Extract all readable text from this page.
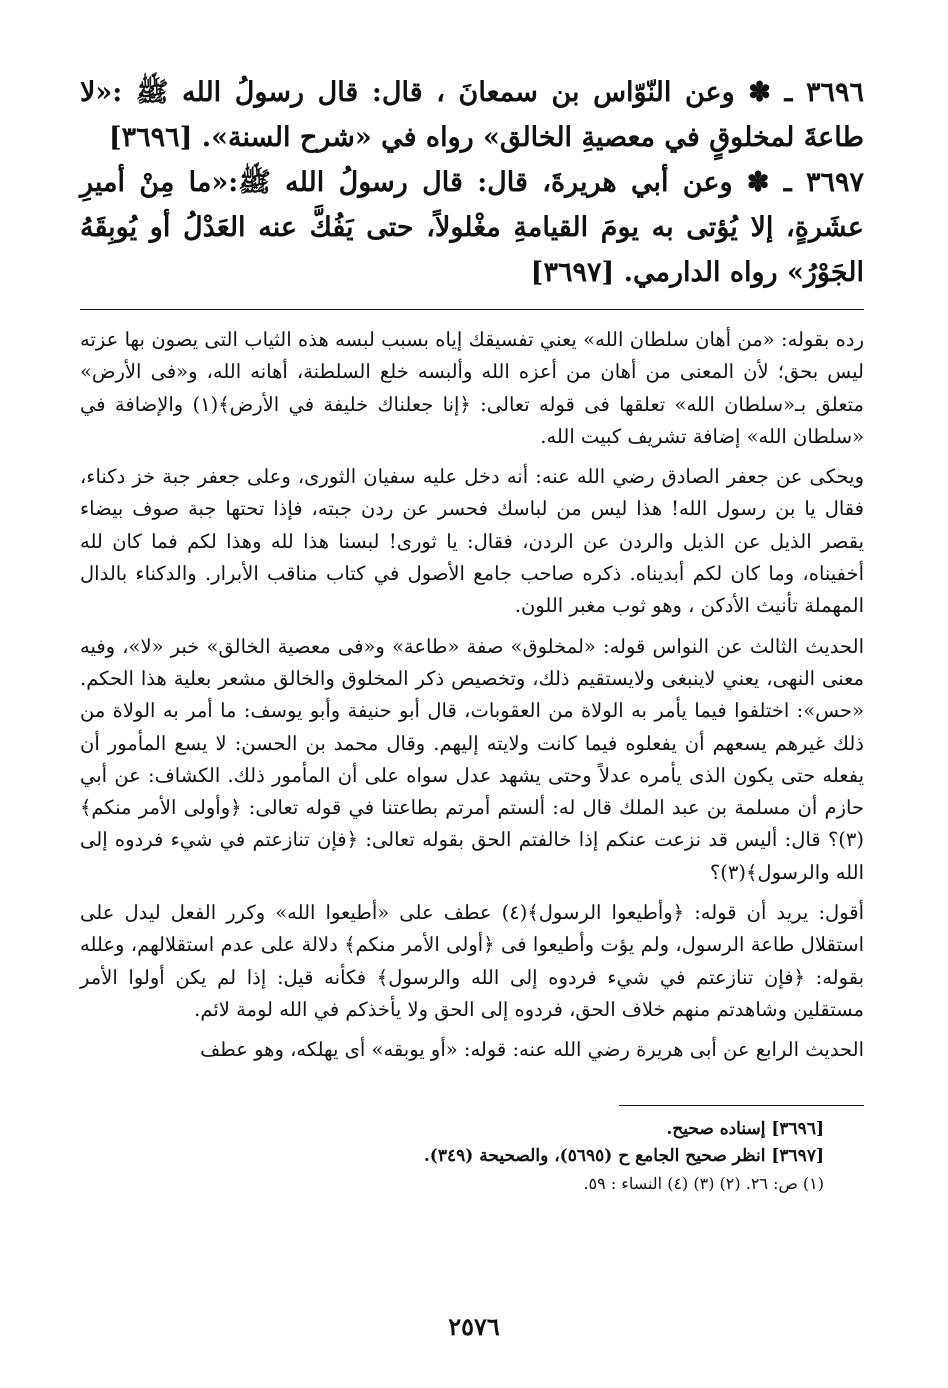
٣٦٩٦ ـ ✽ وعن النّوّاس بن سمعانَ ، قال: قال رسولُ الله ﷺ :«لا طاعةَ لمخلوقٍ في معصيةِ الخالق» رواه في «شرح السنة». [٣٦٩٦]

٣٦٩٧ ـ ✽ وعن أبي هريرةَ، قال: قال رسولُ الله ﷺ:«ما مِنْ أميرِ عشَرةٍ، إلا يُؤتى به يومَ القيامةِ مغْلولاً، حتى يَفُكَّ عنه العَدْلُ أو يُوبِقَهُ الجَوْرُ» رواه الدارمي. [٣٦٩٧]

رده بقوله: «من أهان سلطان الله» يعني تفسيقك إياه بسبب لبسه هذه الثياب التى يصون بها عزته ليس بحق؛ لأن المعنى من أهان من أعزه الله وألبسه خلع السلطنة، أهانه الله، و«فى الأرض» متعلق بـ«سلطان الله» تعلقها فى قوله تعالى: ﴿إنا جعلناك خليفة في الأرض﴾(١) والإضافة في «سلطان الله» إضافة تشريف كبيت الله.

ويحكى عن جعفر الصادق رضي الله عنه: أنه دخل عليه سفيان الثورى، وعلى جعفر جبة خز دكناء، فقال يا بن رسول الله! هذا ليس من لباسك فحسر عن ردن جبته، فإذا تحتها جبة صوف بيضاء يقصر الذيل عن الذيل والردن عن الردن، فقال: يا ثورى! لبسنا هذا لله وهذا لكم فما كان لله أخفيناه، وما كان لكم أبديناه. ذكره صاحب جامع الأصول في كتاب مناقب الأبرار. والدكناء بالدال المهملة تأنيث الأدكن ، وهو ثوب مغبر اللون.

الحديث الثالث عن النواس قوله: «لمخلوق» صفة «طاعة» و«فى معصية الخالق» خبر «لا»، وفيه معنى النهى، يعني لاينبغى ولايستقيم ذلك، وتخصيص ذكر المخلوق والخالق مشعر بعلية هذا الحكم. «حس»: اختلفوا فيما يأمر به الولاة من العقوبات، قال أبو حنيفة وأبو يوسف: ما أمر به الولاة من ذلك غيرهم يسعهم أن يفعلوه فيما كانت ولايته إليهم. وقال محمد بن الحسن: لا يسع المأمور أن يفعله حتى يكون الذى يأمره عدلاً وحتى يشهد عدل سواه على أن المأمور ذلك. الكشاف: عن أبي حازم أن مسلمة بن عبد الملك قال له: ألستم أمرتم بطاعتنا في قوله تعالى: ﴿وأولى الأمر منكم﴾(٣)؟ قال: أليس قد نزعت عنكم إذا خالفتم الحق بقوله تعالى: ﴿فإن تنازعتم في شيء فردوه إلى الله والرسول﴾(٣)؟

أقول: يريد أن قوله: ﴿وأطيعوا الرسول﴾(٤) عطف على «أطيعوا الله» وكرر الفعل ليدل على استقلال طاعة الرسول، ولم يؤت وأطيعوا فى ﴿أولى الأمر منكم﴾ دلالة على عدم استقلالهم، وعلله بقوله: ﴿فإن تنازعتم في شيء فردوه إلى الله والرسول﴾ فكأنه قيل: إذا لم يكن أولوا الأمر مستقلين وشاهدتم منهم خلاف الحق، فردوه إلى الحق ولا يأخذكم في الله لومة لائم.

الحديث الرابع عن أبى هريرة رضي الله عنه: قوله: «أو يوبقه» أى يهلكه، وهو عطف

[٣٦٩٦] إسناده صحيح.

[٣٦٩٧] انظر صحيح الجامع ح (٥٦٩٥)، والصحيحة (٣٤٩).

(١) ص: ٢٦. (٢) (٣) (٤) النساء : ٥٩.

٢٥٧٦
